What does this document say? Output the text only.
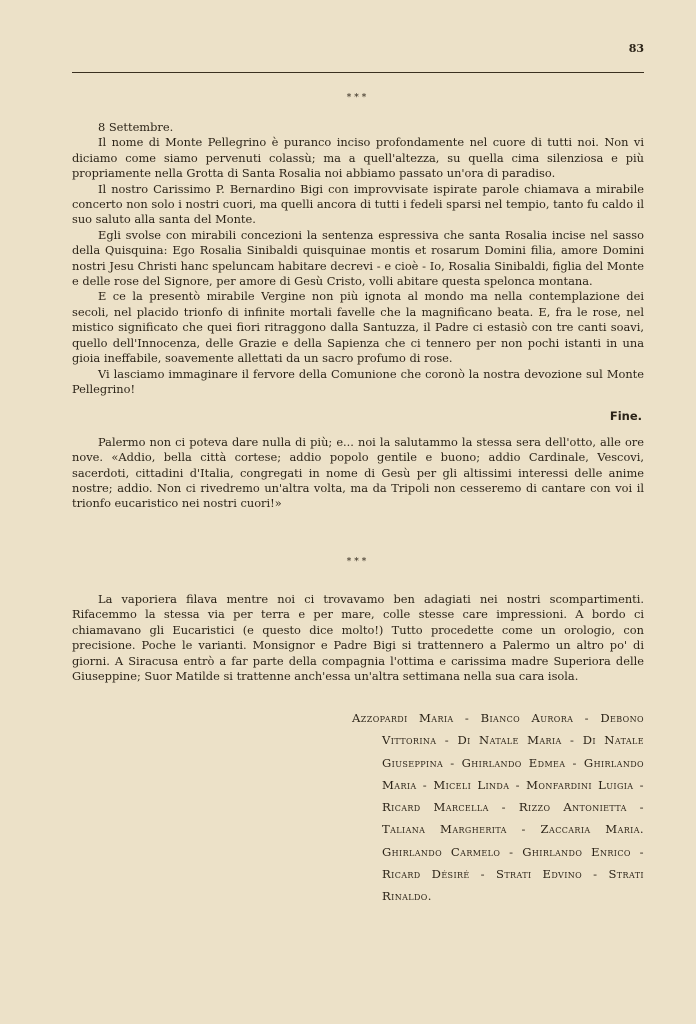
83
***

8 Settembre.

Il nome di Monte Pellegrino è puranco inciso profondamente nel cuore di tutti noi. Non vi diciamo come siamo pervenuti colassù; ma a quell'altezza, su quella cima silenziosa e più propriamente nella Grotta di Santa Rosalia noi abbiamo passato un'ora di paradiso.

Il nostro Carissimo P. Bernardino Bigi con improvvisate ispirate parole chiamava a mirabile concerto non solo i nostri cuori, ma quelli ancora di tutti i fedeli sparsi nel tempio, tanto fu caldo il suo saluto alla santa del Monte.

Egli svolse con mirabili concezioni la sentenza espressiva che santa Rosalia incise nel sasso della Quisquina: Ego Rosalia Sinibaldi quisquinae montis et rosarum Domini filia, amore Domini nostri Jesu Christi hanc speluncam habitare decrevi - e cioè - Io, Rosalia Sinibaldi, figlia del Monte e delle rose del Signore, per amore di Gesù Cristo, volli abitare questa spelonca montana.

E ce la presentò mirabile Vergine non più ignota al mondo ma nella contemplazione dei secoli, nel placido trionfo di infinite mortali favelle che la magnificano beata. E, fra le rose, nel mistico significato che quei fiori ritraggono dalla Santuzza, il Padre ci estasiò con tre canti soavi, quello dell'Innocenza, delle Grazie e della Sapienza che ci tennero per non pochi istanti in una gioia ineffabile, soavemente allettati da un sacro profumo di rose.

Vi lasciamo immaginare il fervore della Comunione che coronò la nostra devozione sul Monte Pellegrino!

Fine.

Palermo non ci poteva dare nulla di più; e... noi la salutammo la stessa sera dell'otto, alle ore nove. «Addio, bella città cortese; addio popolo gentile e buono; addio Cardinale, Vescovi, sacerdoti, cittadini d'Italia, congregati in nome di Gesù per gli altissimi interessi delle anime nostre; addio. Non ci rivedremo un'altra volta, ma da Tripoli non cesseremo di cantare con voi il trionfo eucaristico nei nostri cuori!»

***

La vaporiera filava mentre noi ci trovavamo ben adagiati nei nostri scompartimenti. Rifacemmo la stessa via per terra e per mare, colle stesse care impressioni. A bordo ci chiamavano gli Eucaristici (e questo dice molto!) Tutto procedette come un orologio, con precisione. Poche le varianti. Monsignor e Padre Bigi si trattennero a Palermo un altro po' di giorni. A Siracusa entrò a far parte della compagnia l'ottima e carissima madre Superiora delle Giuseppine; Suor Matilde si trattenne anch'essa un'altra settimana nella sua cara isola.

Azzopardi Maria - Bianco Aurora - Debono Vittorina - Di Natale Maria - Di Natale Giuseppina - Ghirlando Edmea - Ghirlando Maria - Miceli Linda - Monfardini Luigia - Ricard Marcella - Rizzo Antonietta - Taliana Margherita - Zaccaria Maria. Ghirlando Carmelo - Ghirlando Enrico - Ricard Désiré - Strati Edvino - Strati Rinaldo.
